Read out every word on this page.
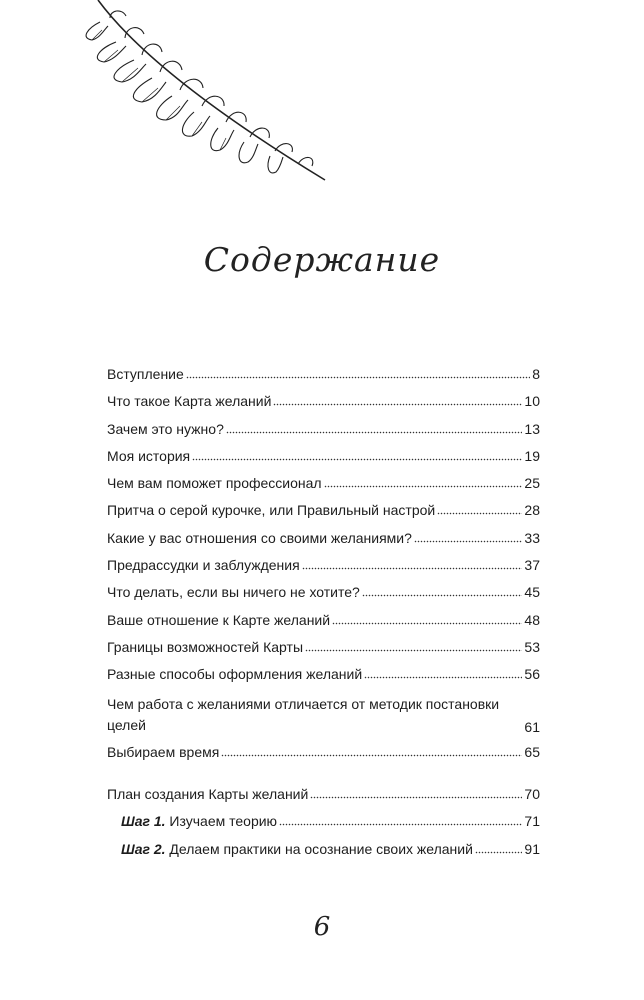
Содержание
Вступление	8
Что такое Карта желаний	10
Зачем это нужно?	13
Моя история	19
Чем вам поможет профессионал	25
Притча о серой курочке, или Правильный настрой	28
Какие у вас отношения со своими желаниями?	33
Предрассудки и заблуждения	37
Что делать, если вы ничего не хотите?	45
Ваше отношение к Карте желаний	48
Границы возможностей Карты	53
Разные способы оформления желаний	56
Чем работа с желаниями отличается от методик постановки целей	61
Выбираем время	65
План создания Карты желаний	70
Шаг 1. Изучаем теорию	71
Шаг 2. Делаем практики на осознание своих желаний	91
6
